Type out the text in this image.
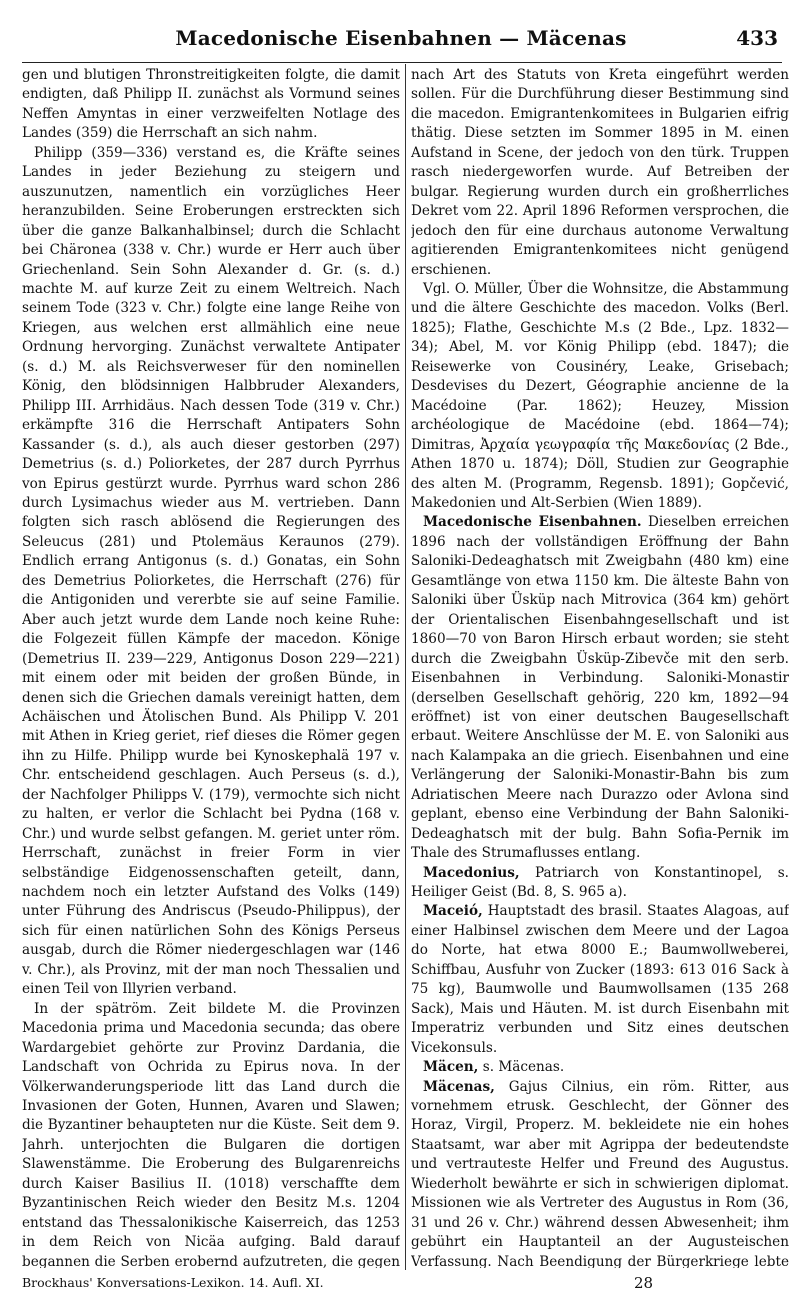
Macedonische Eisenbahnen — Mäcenas	433

gen und blutigen Thronstreitigkeiten folgte, die damit endigten, daß Philipp II. zunächst als Vormund seines Neffen Amyntas in einer verzweifelten Notlage des Landes (359) die Herrschaft an sich nahm.

Philipp (359—336) verstand es, die Kräfte seines Landes in jeder Beziehung zu steigern und auszunutzen, namentlich ein vorzügliches Heer heranzubilden. Seine Eroberungen erstreckten sich über die ganze Balkanhalbinsel; durch die Schlacht bei Chäronea (338 v. Chr.) wurde er Herr auch über Griechenland. Sein Sohn Alexander d. Gr. (s. d.) machte M. auf kurze Zeit zu einem Weltreich. Nach seinem Tode (323 v. Chr.) folgte eine lange Reihe von Kriegen, aus welchen erst allmählich eine neue Ordnung hervorging. Zunächst verwaltete Antipater (s. d.) M. als Reichsverweser für den nominellen König, den blödsinnigen Halbbruder Alexanders, Philipp III. Arrhidäus. Nach dessen Tode (319 v. Chr.) erkämpfte 316 die Herrschaft Antipaters Sohn Kassander (s. d.), als auch dieser gestorben (297) Demetrius (s. d.) Poliorketes, der 287 durch Pyrrhus von Epirus gestürzt wurde. Pyrrhus ward schon 286 durch Lysimachus wieder aus M. vertrieben. Dann folgten sich rasch ablösend die Regierungen des Seleucus (281) und Ptolemäus Keraunos (279). Endlich errang Antigonus (s. d.) Gonatas, ein Sohn des Demetrius Poliorketes, die Herrschaft (276) für die Antigoniden und vererbte sie auf seine Familie. Aber auch jetzt wurde dem Lande noch keine Ruhe: die Folgezeit füllen Kämpfe der macedon. Könige (Demetrius II. 239—229, Antigonus Doson 229—221) mit einem oder mit beiden der großen Bünde, in denen sich die Griechen damals vereinigt hatten, dem Achäischen und Ätolischen Bund. Als Philipp V. 201 mit Athen in Krieg geriet, rief dieses die Römer gegen ihn zu Hilfe. Philipp wurde bei Kynoskephalä 197 v. Chr. entscheidend geschlagen. Auch Perseus (s. d.), der Nachfolger Philipps V. (179), vermochte sich nicht zu halten, er verlor die Schlacht bei Pydna (168 v. Chr.) und wurde selbst gefangen. M. geriet unter röm. Herrschaft, zunächst in freier Form in vier selbständige Eidgenossenschaften geteilt, dann, nachdem noch ein letzter Aufstand des Volks (149) unter Führung des Andriscus (Pseudo-Philippus), der sich für einen natürlichen Sohn des Königs Perseus ausgab, durch die Römer niedergeschlagen war (146 v. Chr.), als Provinz, mit der man noch Thessalien und einen Teil von Illyrien verband.

In der spätröm. Zeit bildete M. die Provinzen Macedonia prima und Macedonia secunda; das obere Wardargebiet gehörte zur Provinz Dardania, die Landschaft von Ochrida zu Epirus nova. In der Völkerwanderungsperiode litt das Land durch die Invasionen der Goten, Hunnen, Avaren und Slawen; die Byzantiner behaupteten nur die Küste. Seit dem 9. Jahrh. unterjochten die Bulgaren die dortigen Slawenstämme. Die Eroberung des Bulgarenreichs durch Kaiser Basilius II. (1018) verschaffte dem Byzantinischen Reich wieder den Besitz M.s. 1204 entstand das Thessalonikische Kaiserreich, das 1253 in dem Reich von Nicäa aufging. Bald darauf begannen die Serben erobernd aufzutreten, die gegen

nach Art des Statuts von Kreta eingeführt werden sollen. Für die Durchführung dieser Bestimmung sind die macedon. Emigrantenkomitees in Bulgarien eifrig thätig. Diese setzten im Sommer 1895 in M. einen Aufstand in Scene, der jedoch von den türk. Truppen rasch niedergeworfen wurde. Auf Betreiben der bulgar. Regierung wurden durch ein großherrliches Dekret vom 22. April 1896 Reformen versprochen, die jedoch den für eine durchaus autonome Verwaltung agitierenden Emigrantenkomitees nicht genügend erschienen.

Vgl. O. Müller, Über die Wohnsitze, die Abstammung und die ältere Geschichte des macedon. Volks (Berl. 1825); Flathe, Geschichte M.s (2 Bde., Lpz. 1832—34); Abel, M. vor König Philipp (ebd. 1847); die Reisewerke von Cousinéry, Leake, Grisebach; Desdevises du Dezert, Géographie ancienne de la Macédoine (Par. 1862); Heuzey, Mission archéologique de Macédoine (ebd. 1864—74); Dimitras, Ἀρχαία γεωγραφία τῆς Μακεδονίας (2 Bde., Athen 1870 u. 1874); Döll, Studien zur Geographie des alten M. (Programm, Regensb. 1891); Gopčević, Makedonien und Alt-Serbien (Wien 1889).

Macedonische Eisenbahnen. Dieselben erreichen 1896 nach der vollständigen Eröffnung der Bahn Saloniki-Dedeaghatsch mit Zweigbahn (480 km) eine Gesamtlänge von etwa 1150 km. Die älteste Bahn von Saloniki über Üsküp nach Mitrovica (364 km) gehört der Orientalischen Eisenbahngesellschaft und ist 1860—70 von Baron Hirsch erbaut worden; sie steht durch die Zweigbahn Üsküp-Zibevče mit den serb. Eisenbahnen in Verbindung. Saloniki-Monastir (derselben Gesellschaft gehörig, 220 km, 1892—94 eröffnet) ist von einer deutschen Baugesellschaft erbaut. Weitere Anschlüsse der M. E. von Saloniki aus nach Kalampaka an die griech. Eisenbahnen und eine Verlängerung der Saloniki-Monastir-Bahn bis zum Adriatischen Meere nach Durazzo oder Avlona sind geplant, ebenso eine Verbindung der Bahn Saloniki-Dedeaghatsch mit der bulg. Bahn Sofia-Pernik im Thale des Strumaflusses entlang.

Macedonius, Patriarch von Konstantinopel, s. Heiliger Geist (Bd. 8, S. 965 a).

Maceió, Hauptstadt des brasil. Staates Alagoas, auf einer Halbinsel zwischen dem Meere und der Lagoa do Norte, hat etwa 8000 E.; Baumwollweberei, Schiffbau, Ausfuhr von Zucker (1893: 613 016 Sack à 75 kg), Baumwolle und Baumwollsamen (135 268 Sack), Mais und Häuten. M. ist durch Eisenbahn mit Imperatriz verbunden und Sitz eines deutschen Vicekonsuls.

Mäcen, s. Mäcenas.

Mäcenas, Gajus Cilnius, ein röm. Ritter, aus vornehmem etrusk. Geschlecht, der Gönner des Horaz, Virgil, Properz. M. bekleidete nie ein hohes Staatsamt, war aber mit Agrippa der bedeutendste und vertrauteste Helfer und Freund des Augustus. Wiederholt bewährte er sich in schwierigen diplomat. Missionen wie als Vertreter des Augustus in Rom (36, 31 und 26 v. Chr.) während dessen Abwesenheit; ihm gebührt ein Hauptanteil an der Augusteischen Verfassung. Nach Beendigung der Bürgerkriege lebte

Brockhaus' Konversations-Lexikon. 14. Aufl. XI.	28
